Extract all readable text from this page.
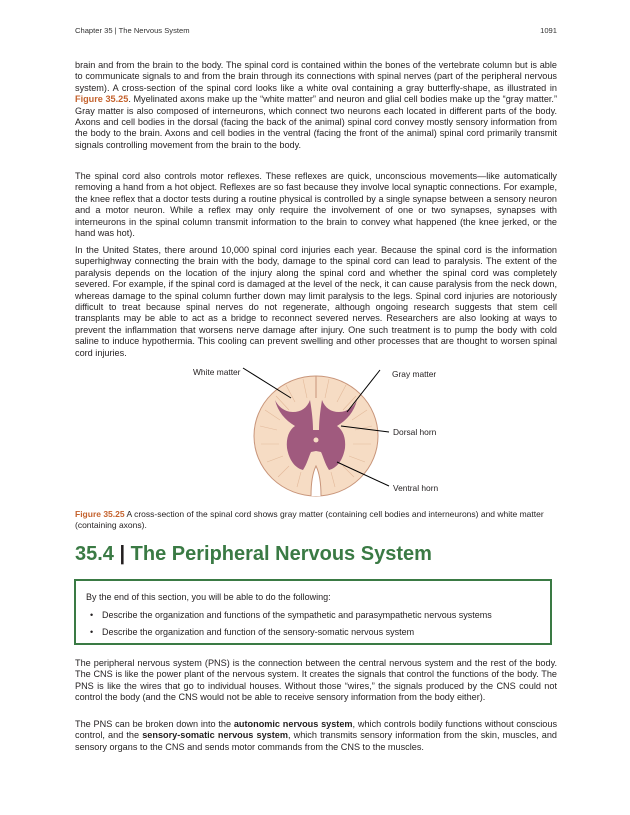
Chapter 35 | The Nervous System	1091

brain and from the brain to the body. The spinal cord is contained within the bones of the vertebrate column but is able to communicate signals to and from the brain through its connections with spinal nerves (part of the peripheral nervous system). A cross-section of the spinal cord looks like a white oval containing a gray butterfly-shape, as illustrated in Figure 35.25. Myelinated axons make up the “white matter” and neuron and glial cell bodies make up the “gray matter.” Gray matter is also composed of interneurons, which connect two neurons each located in different parts of the body. Axons and cell bodies in the dorsal (facing the back of the animal) spinal cord convey mostly sensory information from the body to the brain. Axons and cell bodies in the ventral (facing the front of the animal) spinal cord primarily transmit signals controlling movement from the brain to the body.

The spinal cord also controls motor reflexes. These reflexes are quick, unconscious movements—like automatically removing a hand from a hot object. Reflexes are so fast because they involve local synaptic connections. For example, the knee reflex that a doctor tests during a routine physical is controlled by a single synapse between a sensory neuron and a motor neuron. While a reflex may only require the involvement of one or two synapses, synapses with interneurons in the spinal column transmit information to the brain to convey what happened (the knee jerked, or the hand was hot).

In the United States, there around 10,000 spinal cord injuries each year. Because the spinal cord is the information superhighway connecting the brain with the body, damage to the spinal cord can lead to paralysis. The extent of the paralysis depends on the location of the injury along the spinal cord and whether the spinal cord was completely severed. For example, if the spinal cord is damaged at the level of the neck, it can cause paralysis from the neck down, whereas damage to the spinal column further down may limit paralysis to the legs. Spinal cord injuries are notoriously difficult to treat because spinal nerves do not regenerate, although ongoing research suggests that stem cell transplants may be able to act as a bridge to reconnect severed nerves. Researchers are also looking at ways to prevent the inflammation that worsens nerve damage after injury. One such treatment is to pump the body with cold saline to induce hypothermia. This cooling can prevent swelling and other processes that are thought to worsen spinal cord injuries.

White matter	Gray matter
Dorsal horn
Ventral horn

Figure 35.25 A cross-section of the spinal cord shows gray matter (containing cell bodies and interneurons) and white matter (containing axons).

35.4 | The Peripheral Nervous System
By the end of this section, you will be able to do the following:
• Describe the organization and functions of the sympathetic and parasympathetic nervous systems
• Describe the organization and function of the sensory-somatic nervous system

The peripheral nervous system (PNS) is the connection between the central nervous system and the rest of the body. The CNS is like the power plant of the nervous system. It creates the signals that control the functions of the body. The PNS is like the wires that go to individual houses. Without those “wires,” the signals produced by the CNS could not control the body (and the CNS would not be able to receive sensory information from the body either).

The PNS can be broken down into the autonomic nervous system, which controls bodily functions without conscious control, and the sensory-somatic nervous system, which transmits sensory information from the skin, muscles, and sensory organs to the CNS and sends motor commands from the CNS to the muscles.
